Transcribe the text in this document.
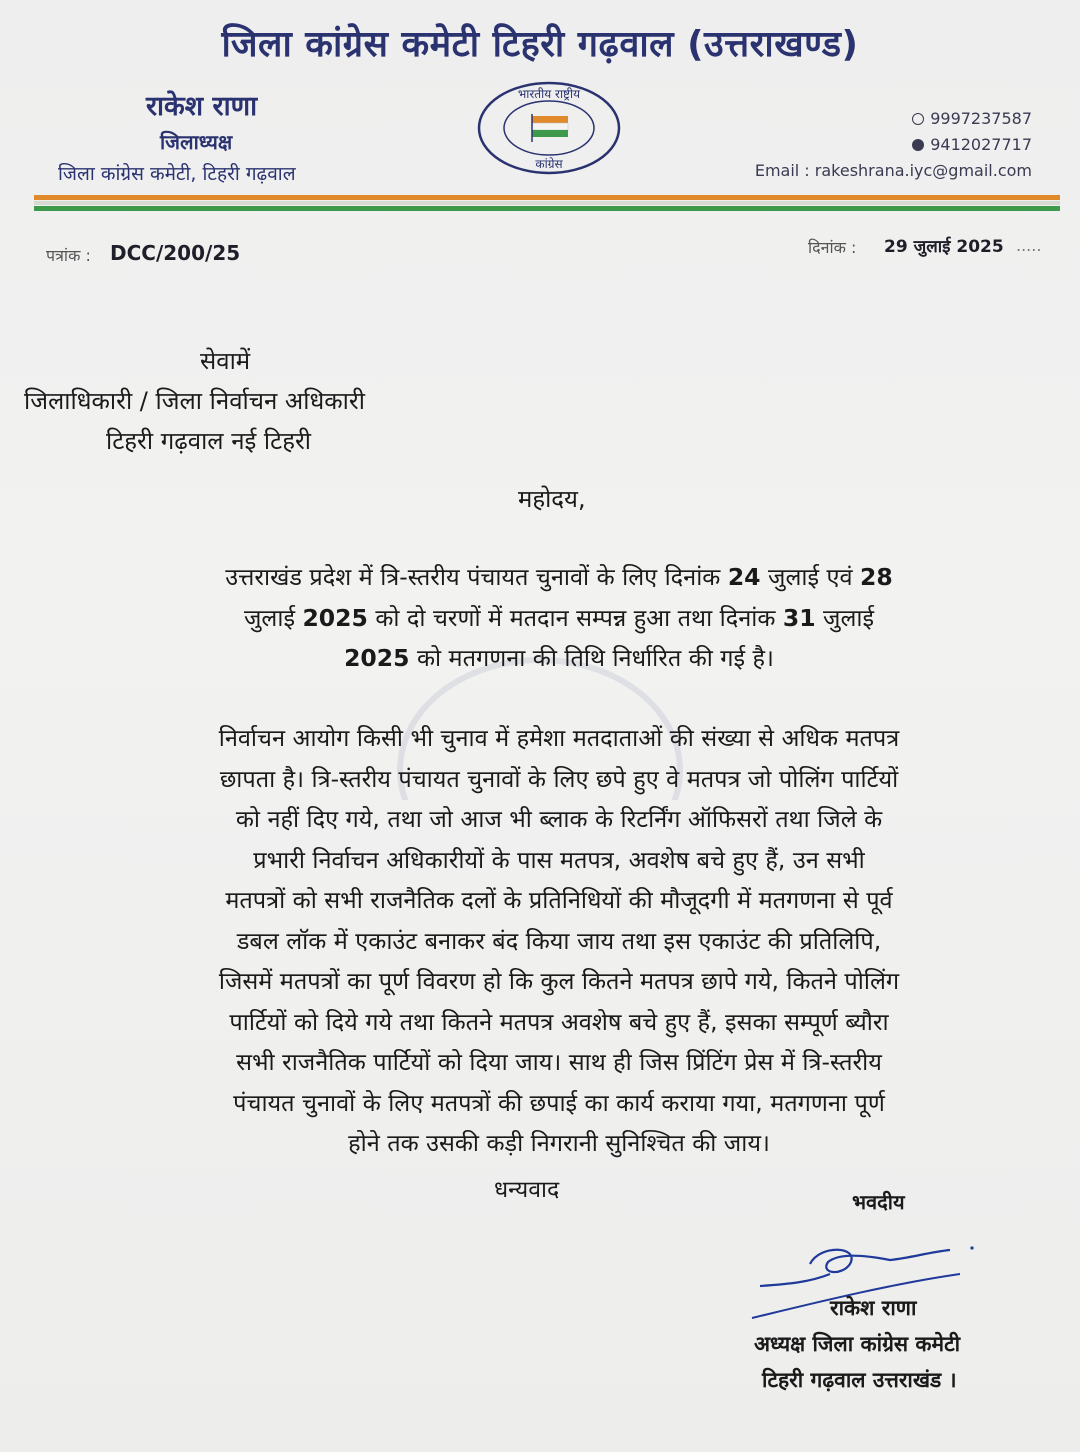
जिला कांग्रेस कमेटी टिहरी गढ़वाल (उत्तराखण्ड)
राकेश राणा
जिलाध्यक्ष
जिला कांग्रेस कमेटी, टिहरी गढ़वाल
भारतीय राष्ट्रीय
कांग्रेस
9997237587
9412027717
Email : rakeshrana.iyc@gmail.com
पत्रांक : DCC/200/25	दिनांक : 29 जुलाई 2025 .....
सेवामें
जिलाधिकारी / जिला निर्वाचन अधिकारी
टिहरी गढ़वाल नई टिहरी
महोदय,
उत्तराखंड प्रदेश में त्रि-स्तरीय पंचायत चुनावों के लिए दिनांक 24 जुलाई एवं 28
जुलाई 2025 को दो चरणों में मतदान सम्पन्न हुआ तथा दिनांक 31 जुलाई
2025 को मतगणना की तिथि निर्धारित की गई है।
निर्वाचन आयोग किसी भी चुनाव में हमेशा मतदाताओं की संख्या से अधिक मतपत्र
छापता है। त्रि-स्तरीय पंचायत चुनावों के लिए छपे हुए वे मतपत्र जो पोलिंग पार्टियों
को नहीं दिए गये, तथा जो आज भी ब्लाक के रिटर्निंग ऑफिसरों तथा जिले के
प्रभारी निर्वाचन अधिकारीयों के पास मतपत्र, अवशेष बचे हुए हैं, उन सभी
मतपत्रों को सभी राजनैतिक दलों के प्रतिनिधियों की मौजूदगी में मतगणना से पूर्व
डबल लॉक में एकाउंट बनाकर बंद किया जाय तथा इस एकाउंट की प्रतिलिपि,
जिसमें मतपत्रों का पूर्ण विवरण हो कि कुल कितने मतपत्र छापे गये, कितने पोलिंग
पार्टियों को दिये गये तथा कितने मतपत्र अवशेष बचे हुए हैं, इसका सम्पूर्ण ब्यौरा
सभी राजनैतिक पार्टियों को दिया जाय। साथ ही जिस प्रिंटिंग प्रेस में त्रि-स्तरीय
पंचायत चुनावों के लिए मतपत्रों की छपाई का कार्य कराया गया, मतगणना पूर्ण
होने तक उसकी कड़ी निगरानी सुनिश्चित की जाय।
धन्यवाद	भवदीय
राकेश राणा
अध्यक्ष जिला कांग्रेस कमेटी
टिहरी गढ़वाल उत्तराखंड ।
